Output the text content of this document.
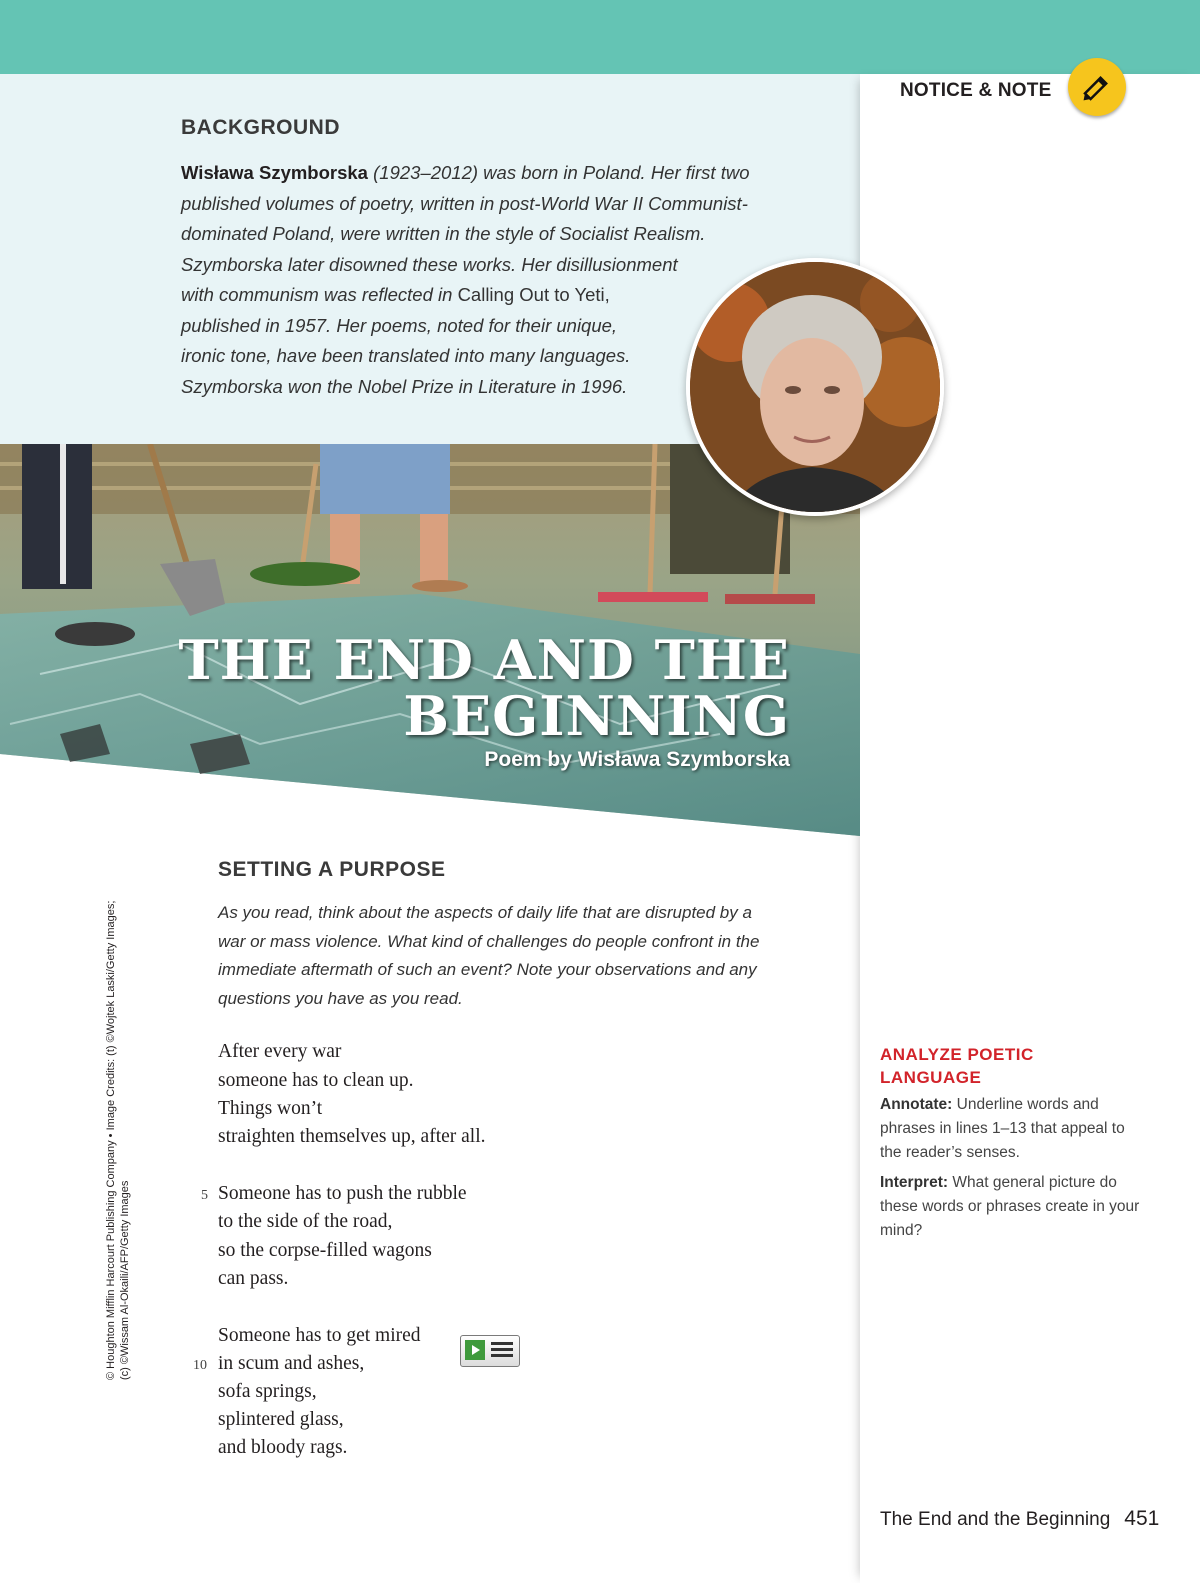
NOTICE & NOTE
BACKGROUND
Wisława Szymborska (1923–2012) was born in Poland. Her first two
published volumes of poetry, written in post-World War II Communist-
dominated Poland, were written in the style of Socialist Realism.
Szymborska later disowned these works. Her disillusionment
with communism was reflected in Calling Out to Yeti,
published in 1957. Her poems, noted for their unique,
ironic tone, have been translated into many languages.
Szymborska won the Nobel Prize in Literature in 1996.
THE END AND THE
BEGINNING
Poem by Wisława Szymborska
SETTING A PURPOSE
As you read, think about the aspects of daily life that are disrupted by a
war or mass violence. What kind of challenges do people confront in the
immediate aftermath of such an event? Note your observations and any
questions you have as you read.
After every war
someone has to clean up.
Things won’t
straighten themselves up, after all.
Someone has to push the rubble
to the side of the road,
so the corpse-filled wagons
can pass.
Someone has to get mired
in scum and ashes,
sofa springs,
splintered glass,
and bloody rags.
5
10
© Houghton Mifflin Harcourt Publishing Company • Image Credits: (t) ©Wojtek Laski/Getty Images; (c) ©Wissam Al-Okaili/AFP/Getty Images
ANALYZE POETIC
LANGUAGE
Annotate: Underline words and phrases in lines 1–13 that appeal to the reader’s senses.
Interpret: What general picture do these words or phrases create in your mind?
The End and the Beginning 451
